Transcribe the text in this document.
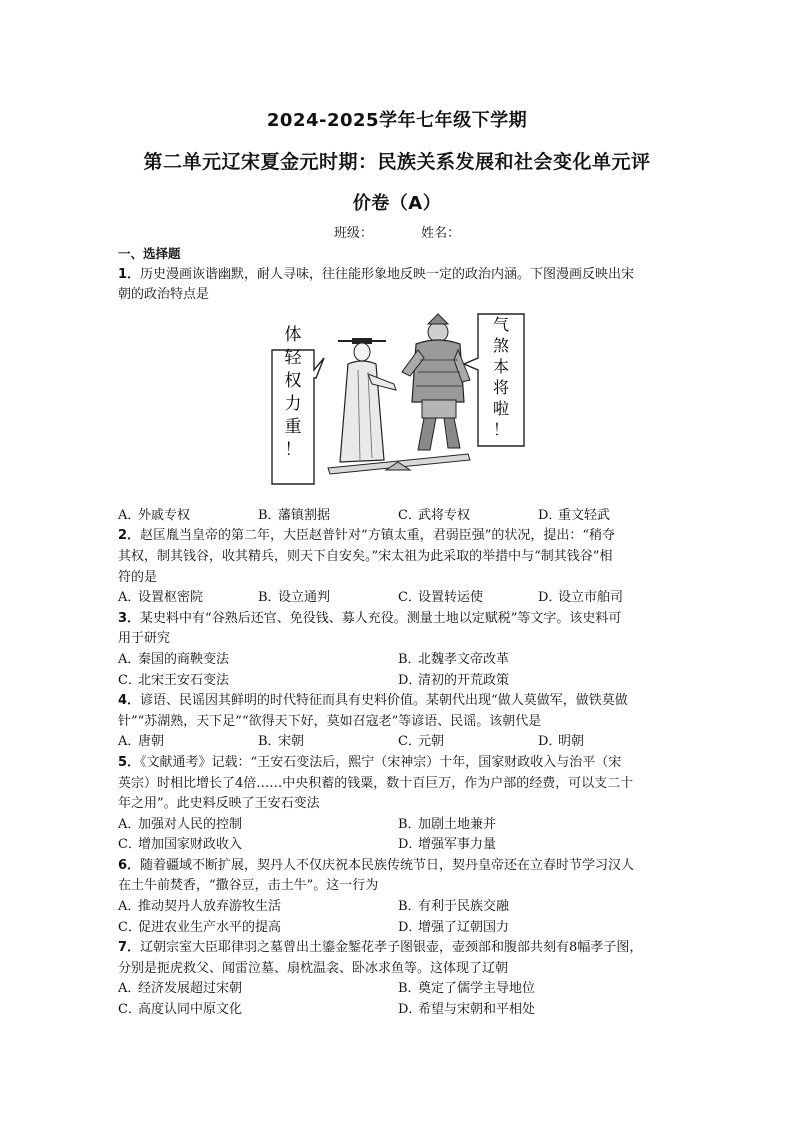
2024-2025学年七年级下学期
第二单元辽宋夏金元时期：民族关系发展和社会变化单元评
价卷（A）
班级：	姓名：
一、选择题
1．历史漫画诙谐幽默，耐人寻味，往往能形象地反映一定的政治内涵。下图漫画反映出宋
朝的政治特点是
体
轻
权
力
重
！
气
煞
本
将
啦
！
A．外戚专权	B．藩镇割据	C．武将专权	D．重文轻武
2．赵匡胤当皇帝的第二年，大臣赵普针对“方镇太重，君弱臣强”的状况，提出：“稍夺
其权，制其钱谷，收其精兵，则天下自安矣。”宋太祖为此采取的举措中与“制其钱谷”相
符的是
A．设置枢密院	B．设立通判	C．设置转运使	D．设立市舶司
3．某史料中有“谷熟后还官、免役钱、募人充役。测量土地以定赋税”等文字。该史料可
用于研究
A．秦国的商鞅变法	B．北魏孝文帝改革
C．北宋王安石变法	D．清初的开荒政策
4．谚语、民谣因其鲜明的时代特征而具有史料价值。某朝代出现“做人莫做军，做铁莫做
针”“苏湖熟，天下足”“欲得天下好，莫如召寇老”等谚语、民谣。该朝代是
A．唐朝	B．宋朝	C．元朝	D．明朝
5．《文献通考》记载：“王安石变法后，熙宁（宋神宗）十年，国家财政收入与治平（宋
英宗）时相比增长了4倍……中央积蓄的钱粟，数十百巨万，作为户部的经费，可以支二十
年之用”。此史料反映了王安石变法
A．加强对人民的控制	B．加剧土地兼并
C．增加国家财政收入	D．增强军事力量
6．随着疆域不断扩展，契丹人不仅庆祝本民族传统节日，契丹皇帝还在立春时节学习汉人
在土牛前焚香，“撒谷豆，击土牛”。这一行为
A．推动契丹人放弃游牧生活	B．有利于民族交融
C．促进农业生产水平的提高	D．增强了辽朝国力
7．辽朝宗室大臣耶律羽之墓曾出土鎏金錾花孝子图银壶，壶颈部和腹部共刻有8幅孝子图，
分别是扼虎救父、闻雷泣墓、扇枕温衾、卧冰求鱼等。这体现了辽朝
A．经济发展超过宋朝	B．奠定了儒学主导地位
C．高度认同中原文化	D．希望与宋朝和平相处
